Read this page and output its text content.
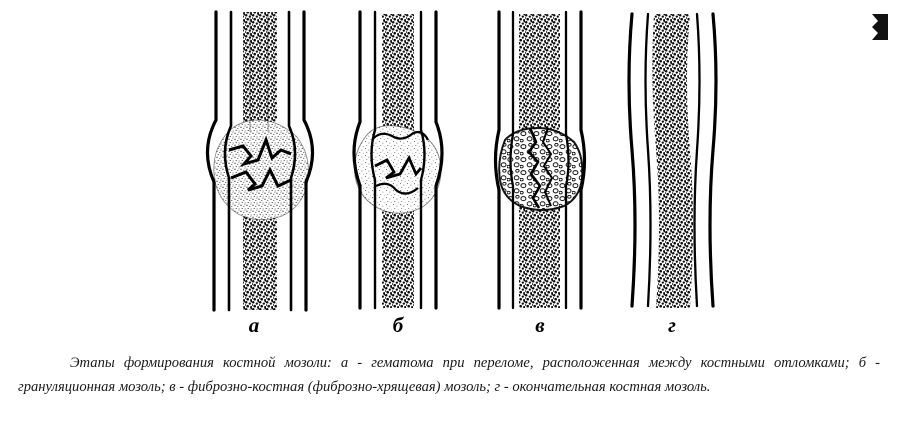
а	б	в	г
Этапы формирования костной мозоли: а - гематома при переломе, расположенная между костными отломками; б - грануляционная мозоль; в - фиброзно-костная (фиброзно-хрящевая) мозоль; г - окончательная костная мозоль.
